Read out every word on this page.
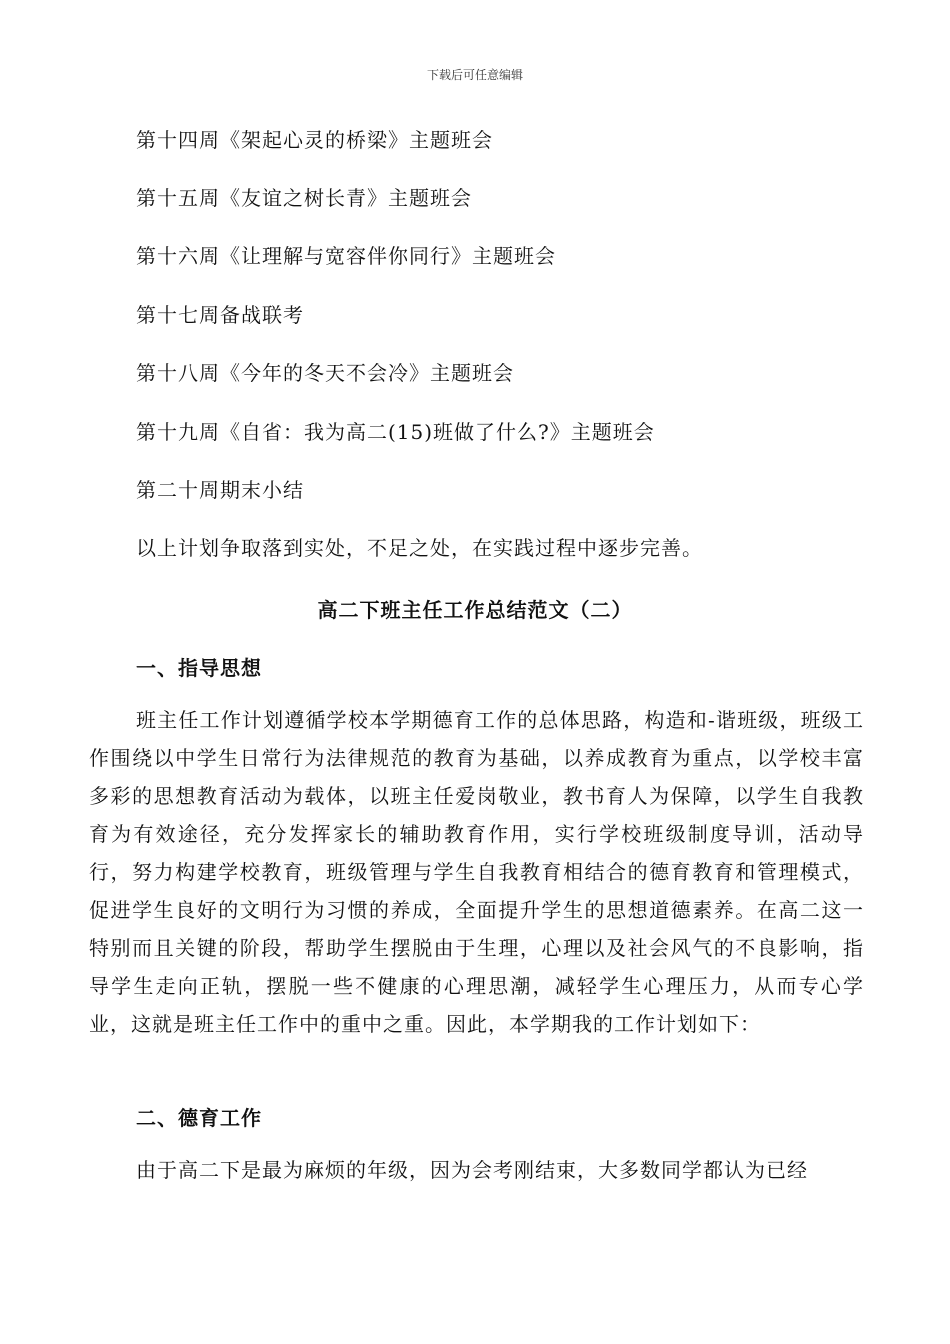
下载后可任意编辑
第十四周《架起心灵的桥梁》主题班会
第十五周《友谊之树长青》主题班会
第十六周《让理解与宽容伴你同行》主题班会
第十七周备战联考
第十八周《今年的冬天不会冷》主题班会
第十九周《自省：我为高二(15)班做了什么?》主题班会
第二十周期末小结
以上计划争取落到实处，不足之处，在实践过程中逐步完善。
高二下班主任工作总结范文（二）
一、指导思想
班主任工作计划遵循学校本学期德育工作的总体思路，构造和-谐班级，班级工作围绕以中学生日常行为法律规范的教育为基础，以养成教育为重点，以学校丰富多彩的思想教育活动为载体，以班主任爱岗敬业，教书育人为保障，以学生自我教育为有效途径，充分发挥家长的辅助教育作用，实行学校班级制度导训，活动导行，努力构建学校教育，班级管理与学生自我教育相结合的德育教育和管理模式，促进学生良好的文明行为习惯的养成，全面提升学生的思想道德素养。在高二这一特别而且关键的阶段，帮助学生摆脱由于生理，心理以及社会风气的不良影响，指导学生走向正轨，摆脱一些不健康的心理思潮，减轻学生心理压力，从而专心学业，这就是班主任工作中的重中之重。因此，本学期我的工作计划如下：
二、德育工作
由于高二下是最为麻烦的年级，因为会考刚结束，大多数同学都认为已经
